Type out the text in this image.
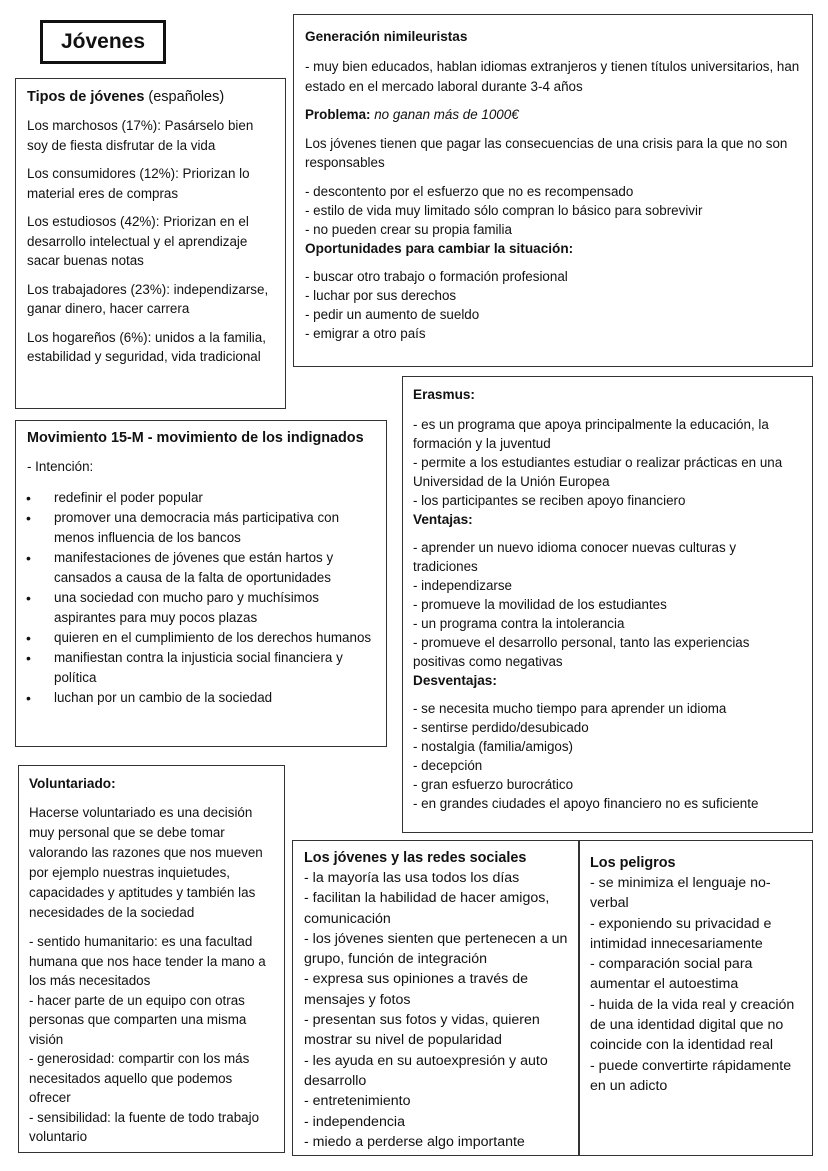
Jóvenes
Tipos de jóvenes (españoles)
Los marchosos (17%): Pasárselo bien soy de fiesta disfrutar de la vida
Los consumidores (12%): Priorizan lo material eres de compras
Los estudiosos (42%): Priorizan en el desarrollo intelectual y el aprendizaje sacar buenas notas
Los trabajadores (23%): independizarse, ganar dinero, hacer carrera
Los hogareños (6%): unidos a la familia, estabilidad y seguridad, vida tradicional
Generación nimileuristas
- muy bien educados, hablan idiomas extranjeros y tienen títulos universitarios, han estado en el mercado laboral durante 3-4 años
Problema: no ganan más de 1000€
Los jóvenes tienen que pagar las consecuencias de una crisis para la que no son responsables
- descontento por el esfuerzo que no es recompensado
- estilo de vida muy limitado sólo compran lo básico para sobrevivir
- no pueden crear su propia familia
Oportunidades para cambiar la situación:
- buscar otro trabajo o formación profesional
- luchar por sus derechos
- pedir un aumento de sueldo
- emigrar a otro país
Movimiento 15-M - movimiento de los indignados
- Intención:
• redefinir el poder popular
• promover una democracia más participativa con menos influencia de los bancos
• manifestaciones de jóvenes que están hartos y cansados a causa de la falta de oportunidades
• una sociedad con mucho paro y muchísimos aspirantes para muy pocos plazas
• quieren en el cumplimiento de los derechos humanos
• manifiestan contra la injusticia social financiera y política
• luchan por un cambio de la sociedad
Erasmus:
- es un programa que apoya principalmente la educación, la formación y la juventud
- permite a los estudiantes estudiar o realizar prácticas en una Universidad de la Unión Europea
- los participantes se reciben apoyo financiero
Ventajas:
- aprender un nuevo idioma conocer nuevas culturas y tradiciones
- independizarse
- promueve la movilidad de los estudiantes
- un programa contra la intolerancia
- promueve el desarrollo personal, tanto las experiencias positivas como negativas
Desventajas:
- se necesita mucho tiempo para aprender un idioma
- sentirse perdido/desubicado
- nostalgia (familia/amigos)
- decepción
- gran esfuerzo burocrático
- en grandes ciudades el apoyo financiero no es suficiente
Voluntariado:
Hacerse voluntariado es una decisión muy personal que se debe tomar valorando las razones que nos mueven por ejemplo nuestras inquietudes, capacidades y aptitudes y también las necesidades de la sociedad
- sentido humanitario: es una facultad humana que nos hace tender la mano a los más necesitados
- hacer parte de un equipo con otras personas que comparten una misma visión
- generosidad: compartir con los más necesitados aquello que podemos ofrecer
- sensibilidad: la fuente de todo trabajo voluntario
Los jóvenes y las redes sociales
- la mayoría las usa todos los días
- facilitan la habilidad de hacer amigos, comunicación
- los jóvenes sienten que pertenecen a un grupo, función de integración
- expresa sus opiniones a través de mensajes y fotos
- presentan sus fotos y vidas, quieren mostrar su nivel de popularidad
- les ayuda en su autoexpresión y auto desarrollo
- entretenimiento
- independencia
- miedo a perderse algo importante
Los peligros
- se minimiza el lenguaje no-verbal
- exponiendo su privacidad e intimidad innecesariamente
- comparación social para aumentar el autoestima
- huida de la vida real y creación de una identidad digital que no coincide con la identidad real
- puede convertirte rápidamente en un adicto
